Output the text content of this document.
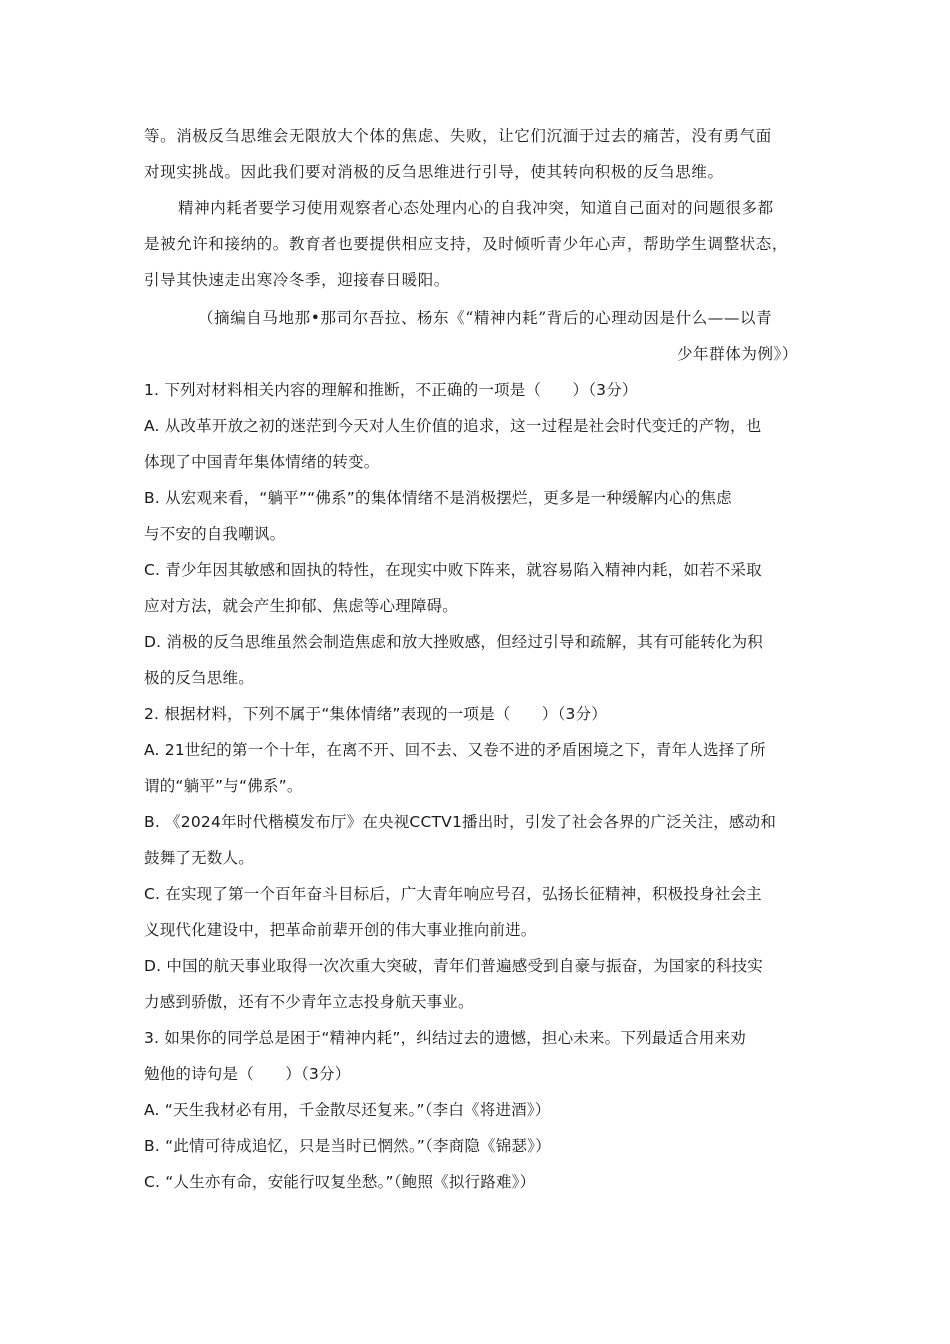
等。消极反刍思维会无限放大个体的焦虑、失败，让它们沉湎于过去的痛苦，没有勇气面
对现实挑战。因此我们要对消极的反刍思维进行引导，使其转向积极的反刍思维。
精神内耗者要学习使用观察者心态处理内心的自我冲突，知道自己面对的问题很多都
是被允许和接纳的。教育者也要提供相应支持，及时倾听青少年心声，帮助学生调整状态，
引导其快速走出寒冷冬季，迎接春日暖阳。
（摘编自马地那•那司尔吾拉、杨东《“精神内耗”背后的心理动因是什么——以青
少年群体为例》）
1. 下列对材料相关内容的理解和推断，不正确的一项是（　　）（3分）
A. 从改革开放之初的迷茫到今天对人生价值的追求，这一过程是社会时代变迁的产物，也
体现了中国青年集体情绪的转变。
B. 从宏观来看，“躺平”“佛系”的集体情绪不是消极摆烂，更多是一种缓解内心的焦虑
与不安的自我嘲讽。
C. 青少年因其敏感和固执的特性，在现实中败下阵来，就容易陷入精神内耗，如若不采取
应对方法，就会产生抑郁、焦虑等心理障碍。
D. 消极的反刍思维虽然会制造焦虑和放大挫败感，但经过引导和疏解，其有可能转化为积
极的反刍思维。
2. 根据材料，下列不属于“集体情绪”表现的一项是（　　）（3分）
A. 21世纪的第一个十年，在离不开、回不去、又卷不进的矛盾困境之下，青年人选择了所
谓的“躺平”与“佛系”。
B. 《2024年时代楷模发布厅》在央视CCTV1播出时，引发了社会各界的广泛关注，感动和
鼓舞了无数人。
C. 在实现了第一个百年奋斗目标后，广大青年响应号召，弘扬长征精神，积极投身社会主
义现代化建设中，把革命前辈开创的伟大事业推向前进。
D. 中国的航天事业取得一次次重大突破，青年们普遍感受到自豪与振奋，为国家的科技实
力感到骄傲，还有不少青年立志投身航天事业。
3. 如果你的同学总是困于“精神内耗”，纠结过去的遗憾，担心未来。下列最适合用来劝
勉他的诗句是（　　）（3分）
A. “天生我材必有用，千金散尽还复来。”（李白《将进酒》）
B. “此情可待成追忆，只是当时已惘然。”（李商隐《锦瑟》）
C. “人生亦有命，安能行叹复坐愁。”（鲍照《拟行路难》）
